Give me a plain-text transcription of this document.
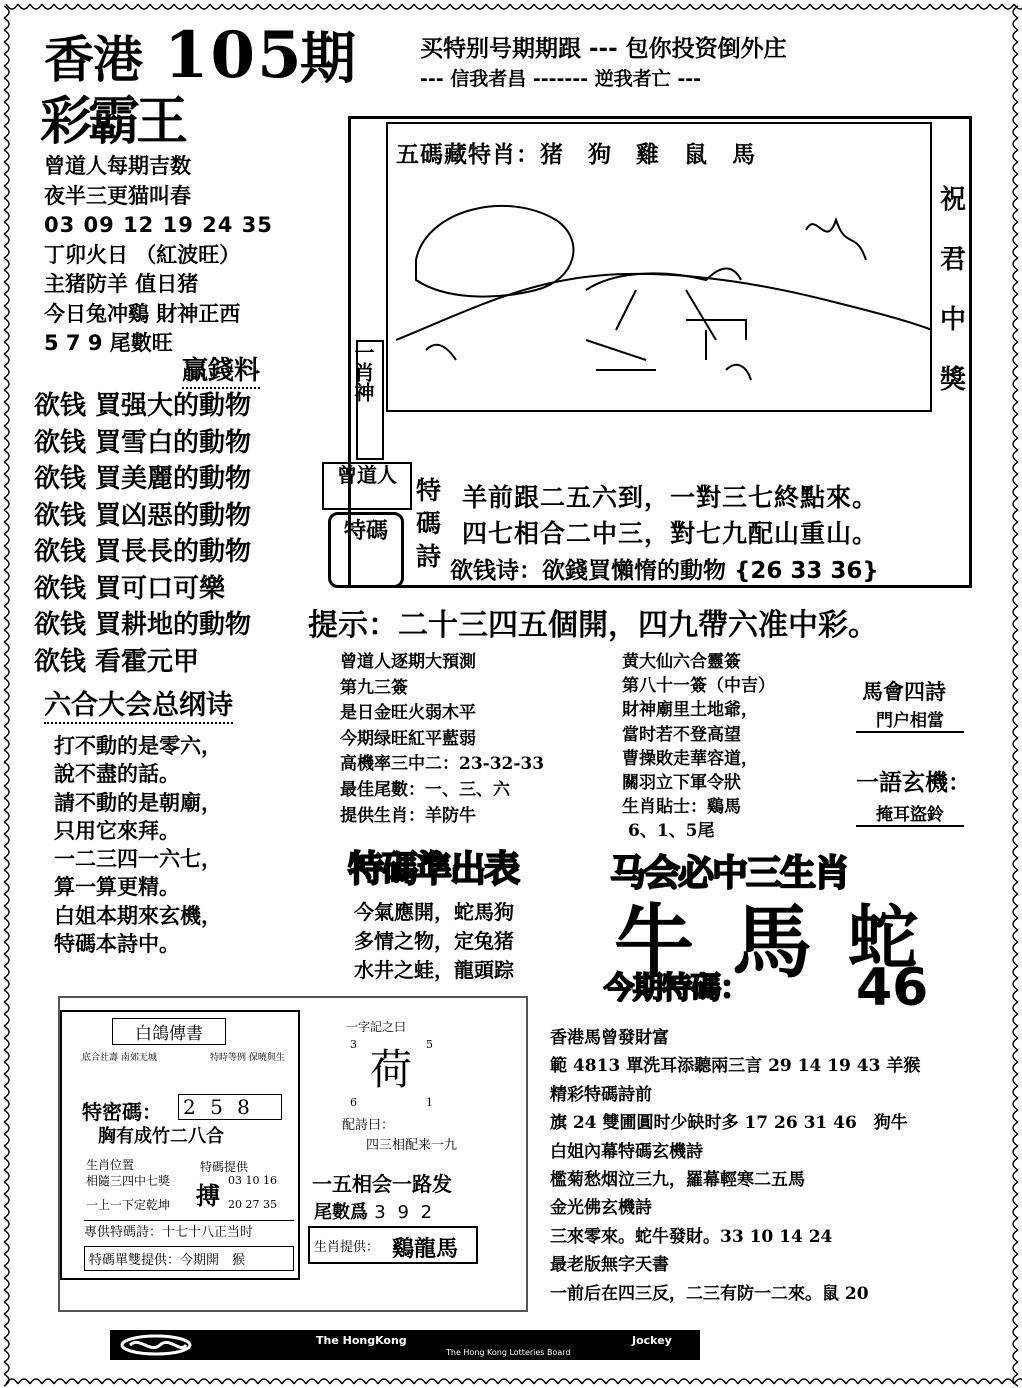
香港 105
期	买特别号期期跟 --- 包你投资倒外庄
--- 信我者昌 ------- 逆我者亡 ---
彩霸王
曾道人每期吉数
夜半三更猫叫春
03 09 12 19 24 35
丁卯火日 （紅波旺）
主猪防羊 值日猪
今日兔冲鷄 財神正西
5 7 9 尾數旺
贏錢料
欲钱 買强大的動物
欲钱 買雪白的動物
欲钱 買美麗的動物
欲钱 買凶惡的動物
欲钱 買長長的動物
欲钱 買可口可樂
欲钱 買耕地的動物
欲钱 看霍元甲
六合大会总纲诗
打不動的是零六，
說不盡的話。
請不動的是朝廟，
只用它來拜。
一二三四一六七，
算一算更精。
白姐本期來玄機，
特碼本詩中。
五碼藏特肖：猪　狗　雞　鼠　馬
祝
君
中
獎
一肖神
曾道人
特碼
特
碼
詩
羊前跟二五六到，一對三七終點來。
四七相合二中三，對七九配山重山。
欲钱诗：欲錢買懶惰的動物 {26 33 36}
提示：二十三四五個開，四九帶六准中彩。
曾道人逐期大預測
第九三簽
是日金旺火弱木平
今期绿旺紅平藍弱
高機率三中二：23-32-33
最佳尾數：一、三、六
提供生肖：羊防牛
黄大仙六合靈簽
第八十一簽（中吉）
財神廟里土地爺，
當时若不登高望
曹操敗走華容道，
關羽立下軍令狀
生肖貼士：鷄馬
6、1、5尾
馬會四詩
門户相當
一語玄機：
掩耳盜鈴
特碼準出表
今氣應開，蛇馬狗
多情之物，定兔猪
水井之蛙，龍頭踪
马会必中三生肖
牛 馬 蛇
今期特碼： 46
白鴿傳書
底合社壽 南郊无城	特時等例 保曉與生
特密碼： 2 5 8
胸有成竹二八合
生肖位置
相隨三四中七獎
一上一下定乾坤
特碼提供
搏
03 10 16
20 27 35
專供特碼詩：十七十八正当时
特碼單雙提供：今期開　猴
一字記之曰
3	5
荷
6	1
配詩曰：
四三相配来一九
一五相会一路发
尾數爲 3 9 2
生肖提供： 鷄龍馬
香港馬曾發財富
範 4813 單洗耳添聽兩三言 29 14 19 43 羊猴
精彩特碼詩前
旗 24 雙圃圓时少缺时多 17 26 31 46　狗牛
白姐內幕特碼玄機詩
檻菊愁烟泣三九，羅幕輕寒二五馬
金光佛玄機詩
三來零來。蛇牛發財。33 10 14 24
最老版無字天書
一前后在四三反，二三有防一二來。鼠 20
The HongKong	Jockey
The Hong Kong Lotteries Board
